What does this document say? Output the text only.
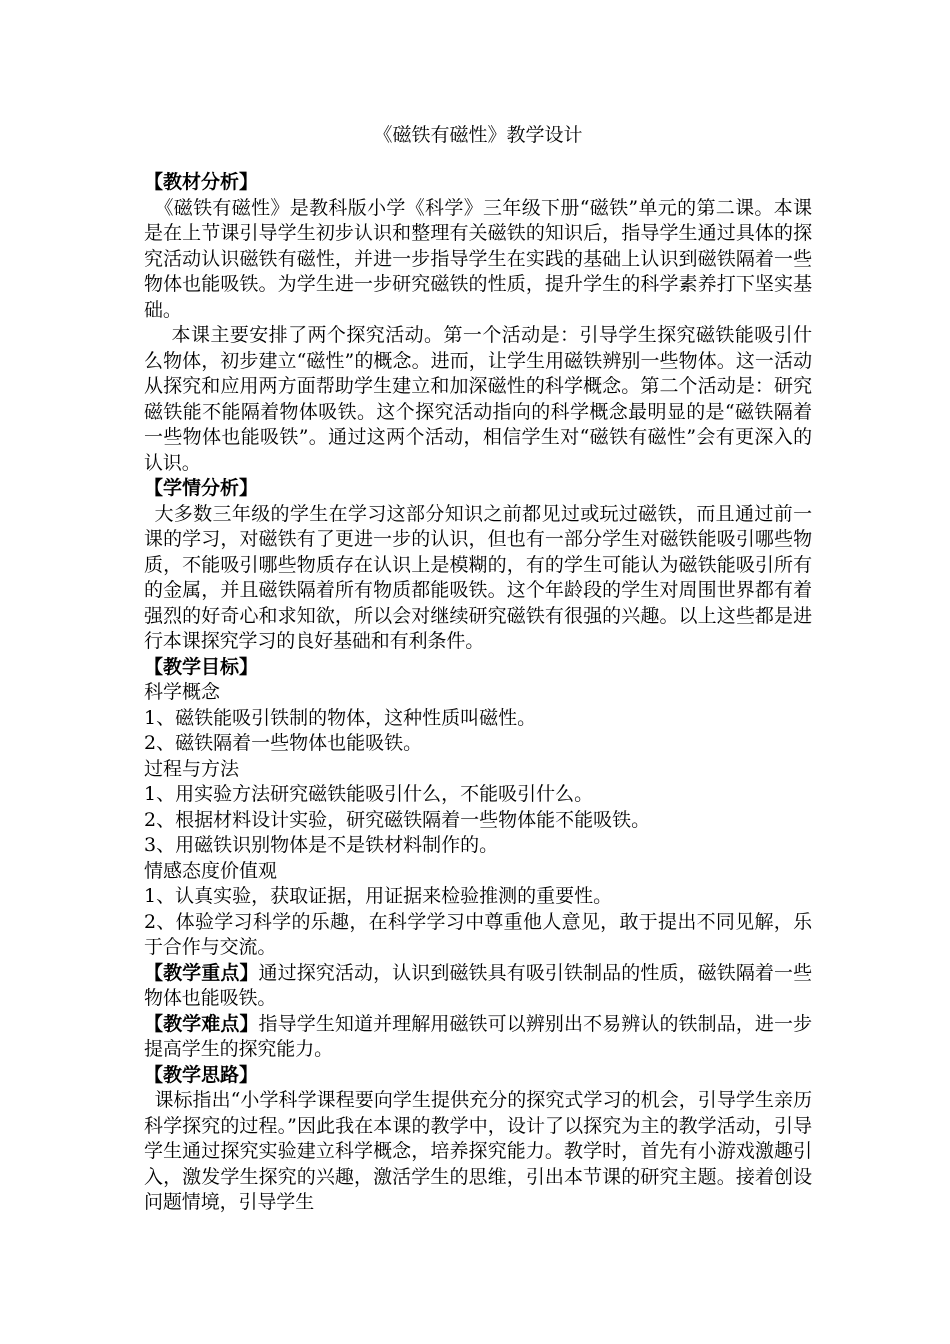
《磁铁有磁性》教学设计
【教材分析】

《磁铁有磁性》是教科版小学《科学》三年级下册“磁铁”单元的第二课。本课是在上节课引导学生初步认识和整理有关磁铁的知识后，指导学生通过具体的探究活动认识磁铁有磁性，并进一步指导学生在实践的基础上认识到磁铁隔着一些物体也能吸铁。为学生进一步研究磁铁的性质，提升学生的科学素养打下坚实基础。

本课主要安排了两个探究活动。第一个活动是：引导学生探究磁铁能吸引什么物体，初步建立“磁性”的概念。进而，让学生用磁铁辨别一些物体。这一活动从探究和应用两方面帮助学生建立和加深磁性的科学概念。第二个活动是：研究磁铁能不能隔着物体吸铁。这个探究活动指向的科学概念最明显的是“磁铁隔着一些物体也能吸铁”。通过这两个活动，相信学生对“磁铁有磁性”会有更深入的认识。

【学情分析】

大多数三年级的学生在学习这部分知识之前都见过或玩过磁铁，而且通过前一课的学习，对磁铁有了更进一步的认识，但也有一部分学生对磁铁能吸引哪些物质，不能吸引哪些物质存在认识上是模糊的，有的学生可能认为磁铁能吸引所有的金属，并且磁铁隔着所有物质都能吸铁。这个年龄段的学生对周围世界都有着强烈的好奇心和求知欲，所以会对继续研究磁铁有很强的兴趣。以上这些都是进行本课探究学习的良好基础和有利条件。

【教学目标】
科学概念
1、磁铁能吸引铁制的物体，这种性质叫磁性。
2、磁铁隔着一些物体也能吸铁。
过程与方法
1、用实验方法研究磁铁能吸引什么，不能吸引什么。
2、根据材料设计实验，研究磁铁隔着一些物体能不能吸铁。
3、用磁铁识别物体是不是铁材料制作的。
情感态度价值观
1、认真实验，获取证据，用证据来检验推测的重要性。

2、体验学习科学的乐趣，在科学学习中尊重他人意见，敢于提出不同见解，乐于合作与交流。

【教学重点】通过探究活动，认识到磁铁具有吸引铁制品的性质，磁铁隔着一些物体也能吸铁。

【教学难点】指导学生知道并理解用磁铁可以辨别出不易辨认的铁制品，进一步提高学生的探究能力。

【教学思路】

课标指出“小学科学课程要向学生提供充分的探究式学习的机会，引导学生亲历科学探究的过程。”因此我在本课的教学中，设计了以探究为主的教学活动，引导学生通过探究实验建立科学概念，培养探究能力。教学时，首先有小游戏激趣引入，激发学生探究的兴趣，激活学生的思维，引出本节课的研究主题。接着创设问题情境，引导学生
